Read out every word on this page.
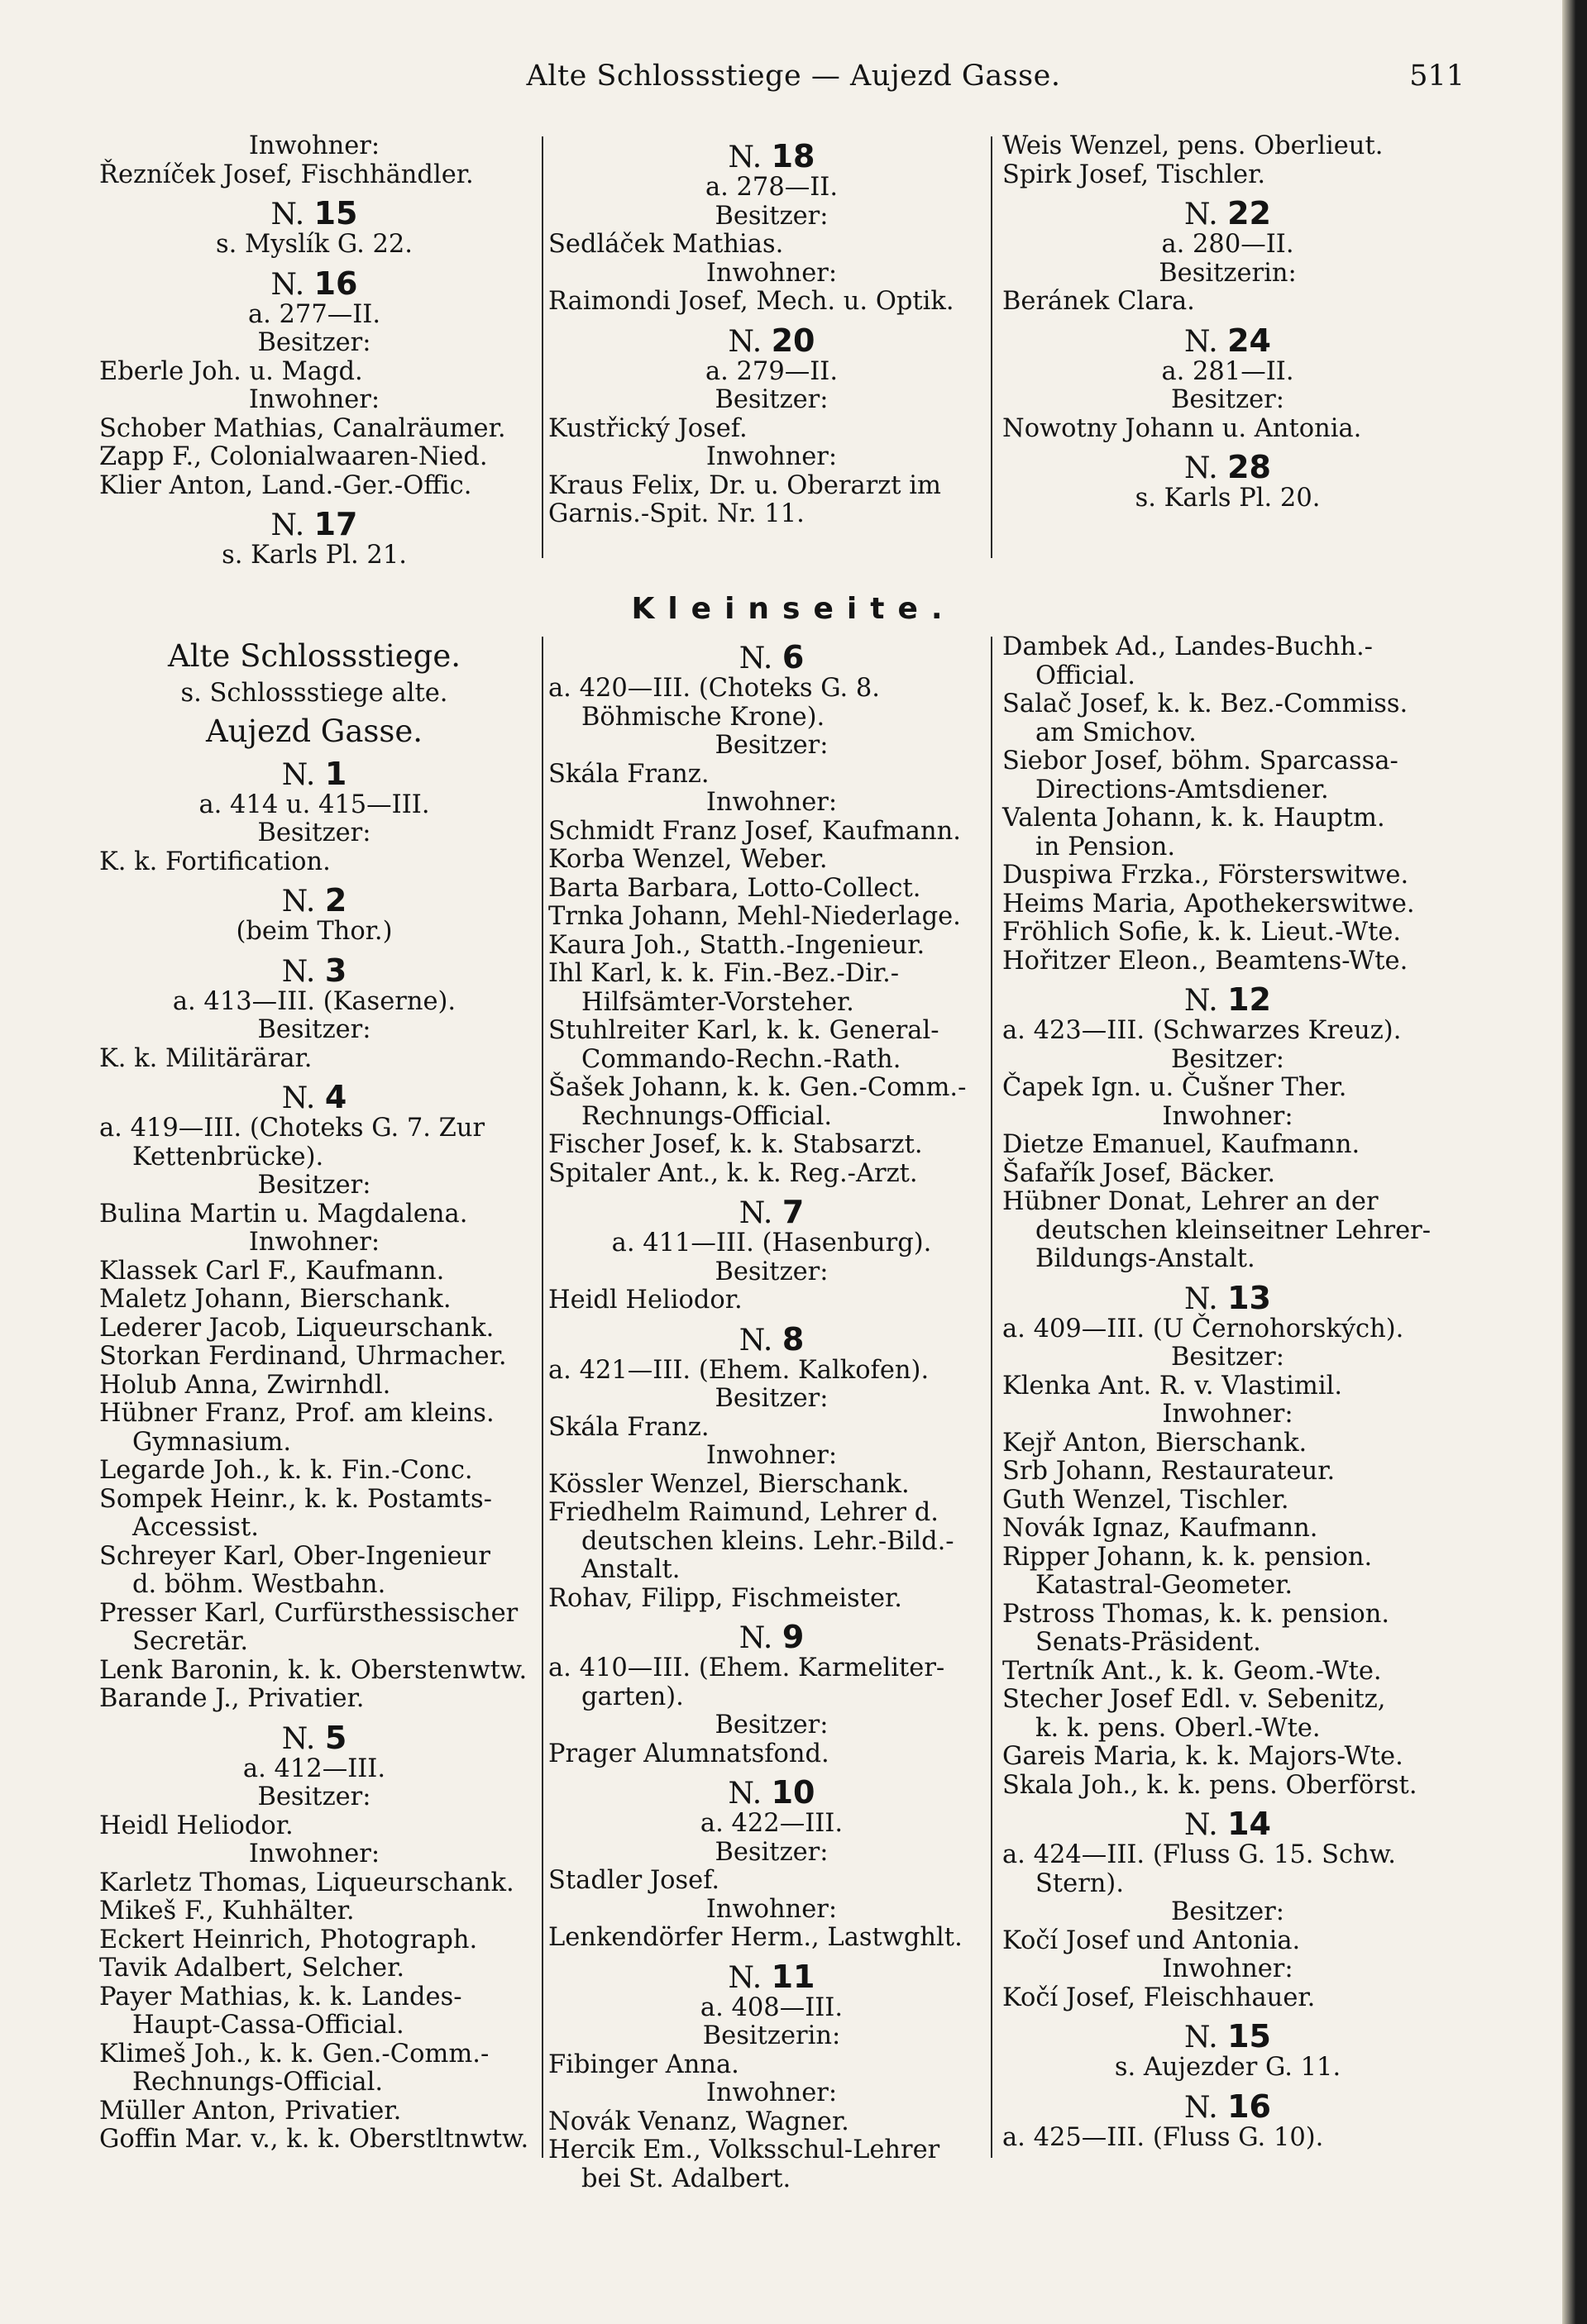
Alte Schlossstiege — Aujezd Gasse.	511
Inwohner:
Řezníček Josef, Fischhändler.
N. 15
s. Myslík G. 22.
N. 16
a. 277—II.
Besitzer:
Eberle Joh. u. Magd.
Inwohner:
Schober Mathias, Canalräumer.
Zapp F., Colonialwaaren-Nied.
Klier Anton, Land.-Ger.-Offic.
N. 17
s. Karls Pl. 21.
N. 18
a. 278—II.
Besitzer:
Sedláček Mathias.
Inwohner:
Raimondi Josef, Mech. u. Optik.
N. 20
a. 279—II.
Besitzer:
Kustřický Josef.
Inwohner:
Kraus Felix, Dr. u. Oberarzt im
Garnis.-Spit. Nr. 11.
Weis Wenzel, pens. Oberlieut.
Spirk Josef, Tischler.
N. 22
a. 280—II.
Besitzerin:
Beránek Clara.
N. 24
a. 281—II.
Besitzer:
Nowotny Johann u. Antonia.
N. 28
s. Karls Pl. 20.
Kleinseite.
Alte Schlossstiege.
s. Schlossstiege alte.
Aujezd Gasse.
N. 1
a. 414 u. 415—III.
Besitzer:
K. k. Fortification.
N. 2
(beim Thor.)
N. 3
a. 413—III. (Kaserne).
Besitzer:
K. k. Militärärar.
N. 4
a. 419—III. (Choteks G. 7. Zur
Kettenbrücke).
Besitzer:
Bulina Martin u. Magdalena.
Inwohner:
Klassek Carl F., Kaufmann.
Maletz Johann, Bierschank.
Lederer Jacob, Liqueurschank.
Storkan Ferdinand, Uhrmacher.
Holub Anna, Zwirnhdl.
Hübner Franz, Prof. am kleins.
Gymnasium.
Legarde Joh., k. k. Fin.-Conc.
Sompek Heinr., k. k. Postamts-
Accessist.
Schreyer Karl, Ober-Ingenieur
d. böhm. Westbahn.
Presser Karl, Curfürsthessischer
Secretär.
Lenk Baronin, k. k. Oberstenwtw.
Barande J., Privatier.
N. 5
a. 412—III.
Besitzer:
Heidl Heliodor.
Inwohner:
Karletz Thomas, Liqueurschank.
Mikeš F., Kuhhälter.
Eckert Heinrich, Photograph.
Tavik Adalbert, Selcher.
Payer Mathias, k. k. Landes-
Haupt-Cassa-Official.
Klimeš Joh., k. k. Gen.-Comm.-
Rechnungs-Official.
Müller Anton, Privatier.
Goffin Mar. v., k. k. Oberstltnwtw.
N. 6
a. 420—III. (Choteks G. 8.
Böhmische Krone).
Besitzer:
Skála Franz.
Inwohner:
Schmidt Franz Josef, Kaufmann.
Korba Wenzel, Weber.
Barta Barbara, Lotto-Collect.
Trnka Johann, Mehl-Niederlage.
Kaura Joh., Statth.-Ingenieur.
Ihl Karl, k. k. Fin.-Bez.-Dir.-
Hilfsämter-Vorsteher.
Stuhlreiter Karl, k. k. General-
Commando-Rechn.-Rath.
Šašek Johann, k. k. Gen.-Comm.-
Rechnungs-Official.
Fischer Josef, k. k. Stabsarzt.
Spitaler Ant., k. k. Reg.-Arzt.
N. 7
a. 411—III. (Hasenburg).
Besitzer:
Heidl Heliodor.
N. 8
a. 421—III. (Ehem. Kalkofen).
Besitzer:
Skála Franz.
Inwohner:
Kössler Wenzel, Bierschank.
Friedhelm Raimund, Lehrer d.
deutschen kleins. Lehr.-Bild.-
Anstalt.
Rohav, Filipp, Fischmeister.
N. 9
a. 410—III. (Ehem. Karmeliter-
garten).
Besitzer:
Prager Alumnatsfond.
N. 10
a. 422—III.
Besitzer:
Stadler Josef.
Inwohner:
Lenkendörfer Herm., Lastwghlt.
N. 11
a. 408—III.
Besitzerin:
Fibinger Anna.
Inwohner:
Novák Venanz, Wagner.
Hercik Em., Volksschul-Lehrer
bei St. Adalbert.
Dambek Ad., Landes-Buchh.-
Official.
Salač Josef, k. k. Bez.-Commiss.
am Smichov.
Siebor Josef, böhm. Sparcassa-
Directions-Amtsdiener.
Valenta Johann, k. k. Hauptm.
in Pension.
Duspiwa Frzka., Försterswitwe.
Heims Maria, Apothekerswitwe.
Fröhlich Sofie, k. k. Lieut.-Wte.
Hořitzer Eleon., Beamtens-Wte.
N. 12
a. 423—III. (Schwarzes Kreuz).
Besitzer:
Čapek Ign. u. Čušner Ther.
Inwohner:
Dietze Emanuel, Kaufmann.
Šafařík Josef, Bäcker.
Hübner Donat, Lehrer an der
deutschen kleinseitner Lehrer-
Bildungs-Anstalt.
N. 13
a. 409—III. (U Černohorských).
Besitzer:
Klenka Ant. R. v. Vlastimil.
Inwohner:
Kejř Anton, Bierschank.
Srb Johann, Restaurateur.
Guth Wenzel, Tischler.
Novák Ignaz, Kaufmann.
Ripper Johann, k. k. pension.
Katastral-Geometer.
Pstross Thomas, k. k. pension.
Senats-Präsident.
Tertník Ant., k. k. Geom.-Wte.
Stecher Josef Edl. v. Sebenitz,
k. k. pens. Oberl.-Wte.
Gareis Maria, k. k. Majors-Wte.
Skala Joh., k. k. pens. Oberförst.
N. 14
a. 424—III. (Fluss G. 15. Schw.
Stern).
Besitzer:
Kočí Josef und Antonia.
Inwohner:
Kočí Josef, Fleischhauer.
N. 15
s. Aujezder G. 11.
N. 16
a. 425—III. (Fluss G. 10).
